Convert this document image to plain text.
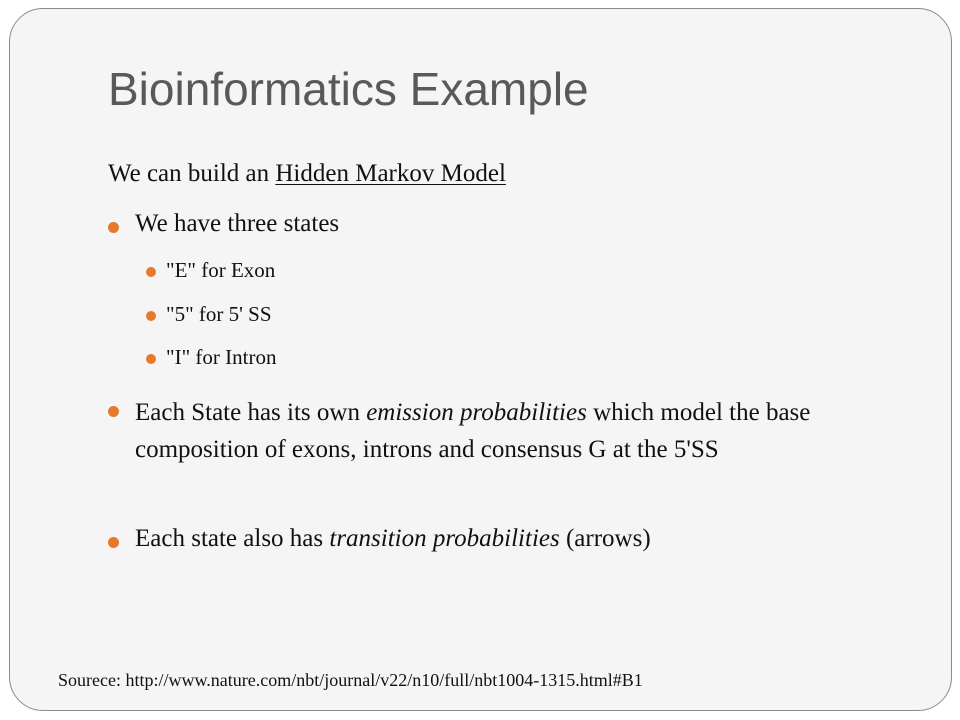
Bioinformatics Example
We can build an Hidden Markov Model
We have three states
"E" for Exon
"5" for 5' SS
"I" for Intron
Each State has its own emission probabilities which model the base composition of exons, introns and consensus G at the 5'SS
Each state also has transition probabilities (arrows)
Sourece: http://www.nature.com/nbt/journal/v22/n10/full/nbt1004-1315.html#B1
